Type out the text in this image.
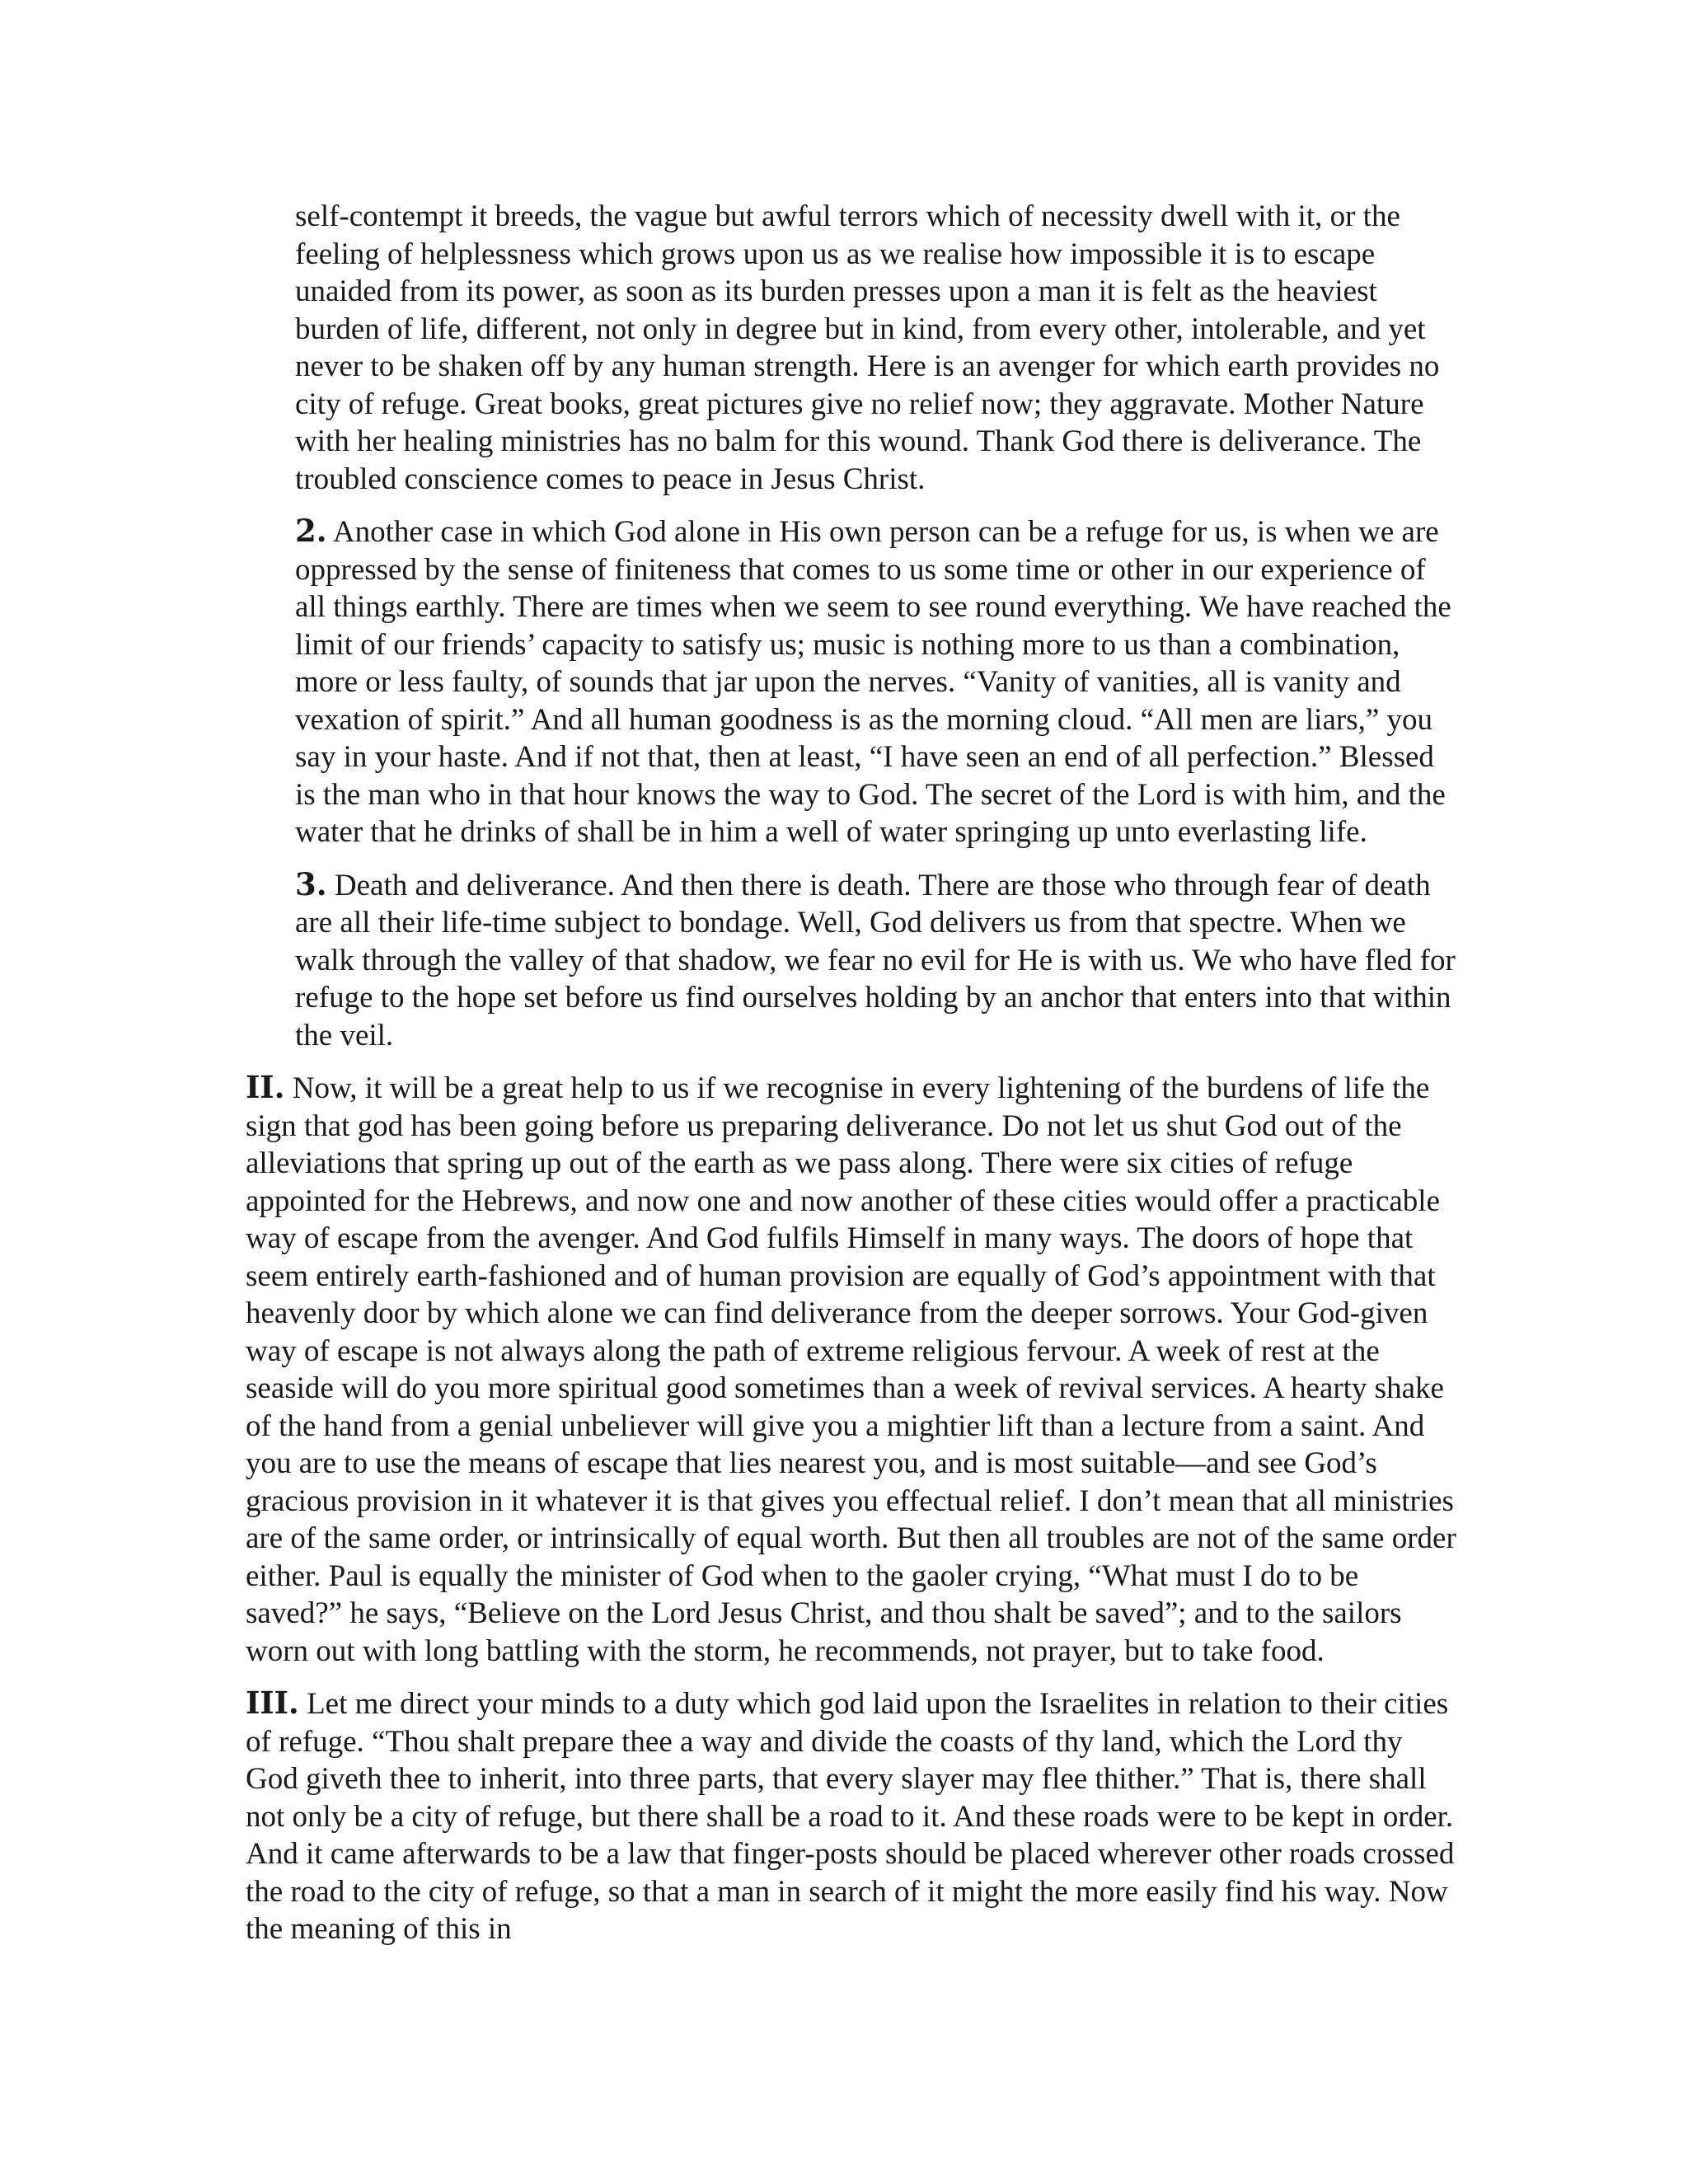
self-contempt it breeds, the vague but awful terrors which of necessity dwell with it, or the feeling of helplessness which grows upon us as we realise how impossible it is to escape unaided from its power, as soon as its burden presses upon a man it is felt as the heaviest burden of life, different, not only in degree but in kind, from every other, intolerable, and yet never to be shaken off by any human strength. Here is an avenger for which earth provides no city of refuge. Great books, great pictures give no relief now; they aggravate. Mother Nature with her healing ministries has no balm for this wound. Thank God there is deliverance. The troubled conscience comes to peace in Jesus Christ.

2. Another case in which God alone in His own person can be a refuge for us, is when we are oppressed by the sense of finiteness that comes to us some time or other in our experience of all things earthly. There are times when we seem to see round everything. We have reached the limit of our friends’ capacity to satisfy us; music is nothing more to us than a combination, more or less faulty, of sounds that jar upon the nerves. “Vanity of vanities, all is vanity and vexation of spirit.” And all human goodness is as the morning cloud. “All men are liars,” you say in your haste. And if not that, then at least, “I have seen an end of all perfection.” Blessed is the man who in that hour knows the way to God. The secret of the Lord is with him, and the water that he drinks of shall be in him a well of water springing up unto everlasting life.

3. Death and deliverance. And then there is death. There are those who through fear of death are all their life-time subject to bondage. Well, God delivers us from that spectre. When we walk through the valley of that shadow, we fear no evil for He is with us. We who have fled for refuge to the hope set before us find ourselves holding by an anchor that enters into that within the veil.

II. Now, it will be a great help to us if we recognise in every lightening of the burdens of life the sign that god has been going before us preparing deliverance. Do not let us shut God out of the alleviations that spring up out of the earth as we pass along. There were six cities of refuge appointed for the Hebrews, and now one and now another of these cities would offer a practicable way of escape from the avenger. And God fulfils Himself in many ways. The doors of hope that seem entirely earth-fashioned and of human provision are equally of God’s appointment with that heavenly door by which alone we can find deliverance from the deeper sorrows. Your God-given way of escape is not always along the path of extreme religious fervour. A week of rest at the seaside will do you more spiritual good sometimes than a week of revival services. A hearty shake of the hand from a genial unbeliever will give you a mightier lift than a lecture from a saint. And you are to use the means of escape that lies nearest you, and is most suitable—and see God’s gracious provision in it whatever it is that gives you effectual relief. I don’t mean that all ministries are of the same order, or intrinsically of equal worth. But then all troubles are not of the same order either. Paul is equally the minister of God when to the gaoler crying, “What must I do to be saved?” he says, “Believe on the Lord Jesus Christ, and thou shalt be saved”; and to the sailors worn out with long battling with the storm, he recommends, not prayer, but to take food.

III. Let me direct your minds to a duty which god laid upon the Israelites in relation to their cities of refuge. “Thou shalt prepare thee a way and divide the coasts of thy land, which the Lord thy God giveth thee to inherit, into three parts, that every slayer may flee thither.” That is, there shall not only be a city of refuge, but there shall be a road to it. And these roads were to be kept in order. And it came afterwards to be a law that finger-posts should be placed wherever other roads crossed the road to the city of refuge, so that a man in search of it might the more easily find his way. Now the meaning of this in
